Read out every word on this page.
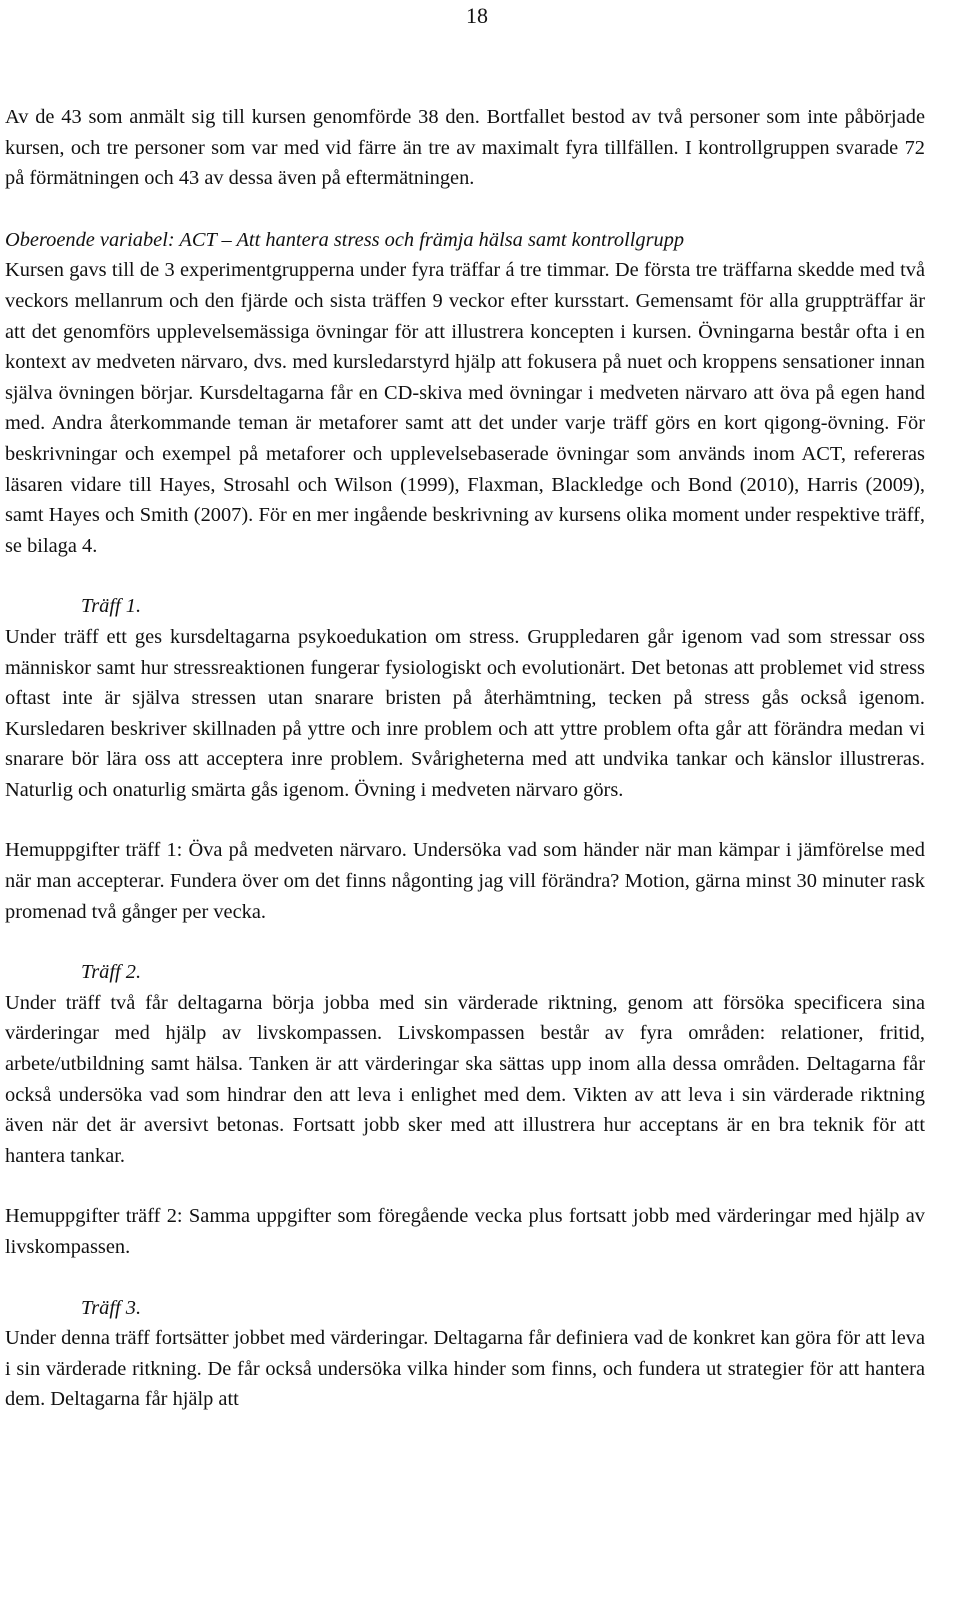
18

Av de 43 som anmält sig till kursen genomförde 38 den. Bortfallet bestod av två personer som inte påbörjade kursen, och tre personer som var med vid färre än tre av maximalt fyra tillfällen. I kontrollgruppen svarade 72 på förmätningen och 43 av dessa även på eftermätningen.

Oberoende variabel: ACT – Att hantera stress och främja hälsa samt kontrollgrupp

Kursen gavs till de 3 experimentgrupperna under fyra träffar á tre timmar. De första tre träffarna skedde med två veckors mellanrum och den fjärde och sista träffen 9 veckor efter kursstart. Gemensamt för alla gruppträffar är att det genomförs upplevelsemässiga övningar för att illustrera koncepten i kursen. Övningarna består ofta i en kontext av medveten närvaro, dvs. med kursledarstyrd hjälp att fokusera på nuet och kroppens sensationer innan själva övningen börjar. Kursdeltagarna får en CD-skiva med övningar i medveten närvaro att öva på egen hand med. Andra återkommande teman är metaforer samt att det under varje träff görs en kort qigong-övning. För beskrivningar och exempel på metaforer och upplevelsebaserade övningar som används inom ACT, refereras läsaren vidare till Hayes, Strosahl och Wilson (1999), Flaxman, Blackledge och Bond (2010), Harris (2009), samt Hayes och Smith (2007). För en mer ingående beskrivning av kursens olika moment under respektive träff, se bilaga 4.

Träff 1.

Under träff ett ges kursdeltagarna psykoedukation om stress. Gruppledaren går igenom vad som stressar oss människor samt hur stressreaktionen fungerar fysiologiskt och evolutionärt. Det betonas att problemet vid stress oftast inte är själva stressen utan snarare bristen på återhämtning, tecken på stress gås också igenom. Kursledaren beskriver skillnaden på yttre och inre problem och att yttre problem ofta går att förändra medan vi snarare bör lära oss att acceptera inre problem. Svårigheterna med att undvika tankar och känslor illustreras. Naturlig och onaturlig smärta gås igenom. Övning i medveten närvaro görs.

Hemuppgifter träff 1: Öva på medveten närvaro. Undersöka vad som händer när man kämpar i jämförelse med när man accepterar. Fundera över om det finns någonting jag vill förändra? Motion, gärna minst 30 minuter rask promenad två gånger per vecka.

Träff 2.

Under träff två får deltagarna börja jobba med sin värderade riktning, genom att försöka specificera sina värderingar med hjälp av livskompassen. Livskompassen består av fyra områden: relationer, fritid, arbete/utbildning samt hälsa. Tanken är att värderingar ska sättas upp inom alla dessa områden. Deltagarna får också undersöka vad som hindrar den att leva i enlighet med dem. Vikten av att leva i sin värderade riktning även när det är aversivt betonas. Fortsatt jobb sker med att illustrera hur acceptans är en bra teknik för att hantera tankar.

Hemuppgifter träff 2: Samma uppgifter som föregående vecka plus fortsatt jobb med värderingar med hjälp av livskompassen.

Träff 3.

Under denna träff fortsätter jobbet med värderingar. Deltagarna får definiera vad de konkret kan göra för att leva i sin värderade ritkning. De får också undersöka vilka hinder som finns, och fundera ut strategier för att hantera dem. Deltagarna får hjälp att
